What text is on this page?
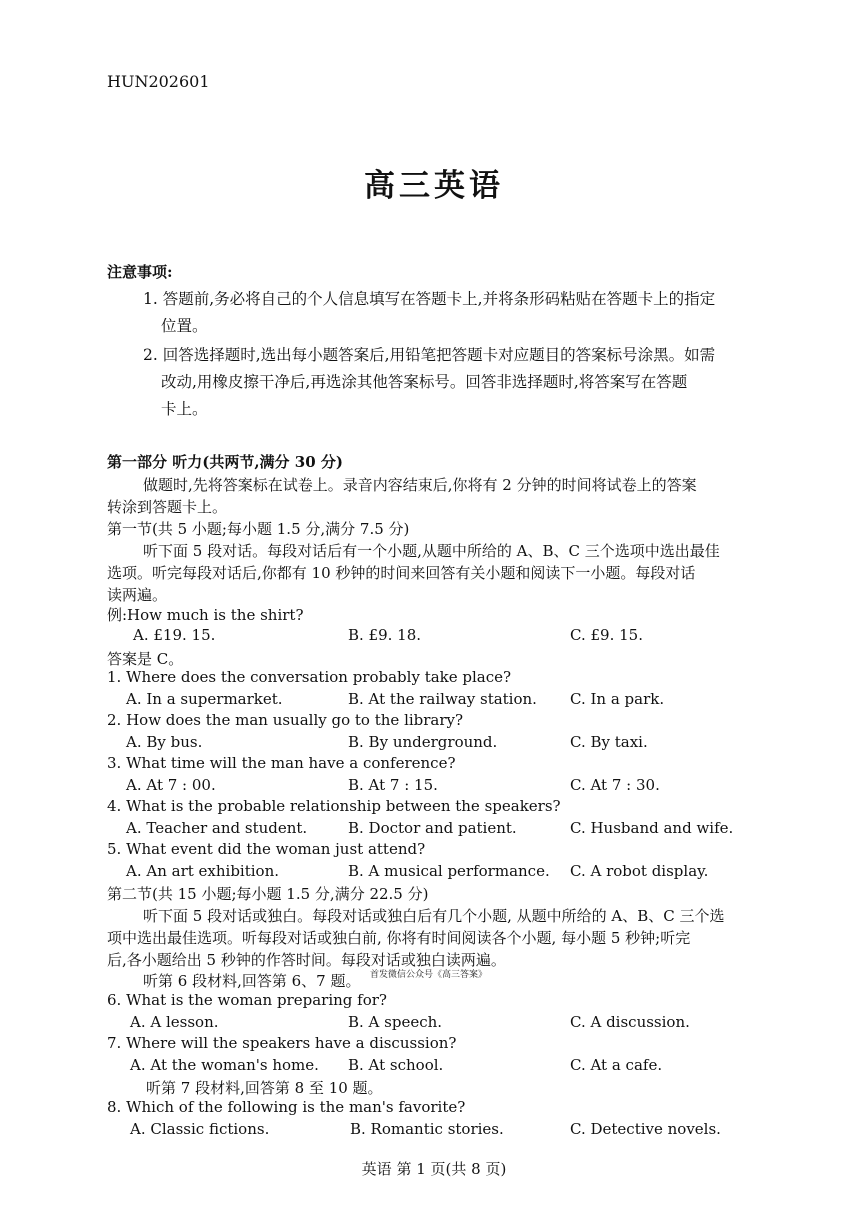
HUN202601
高三英语
注意事项:
1. 答题前,务必将自己的个人信息填写在答题卡上,并将条形码粘贴在答题卡上的指定
位置。
2. 回答选择题时,选出每小题答案后,用铅笔把答题卡对应题目的答案标号涂黑。如需
改动,用橡皮擦干净后,再选涂其他答案标号。回答非选择题时,将答案写在答题
卡上。
第一部分 听力(共两节,满分 30 分)
做题时,先将答案标在试卷上。录音内容结束后,你将有 2 分钟的时间将试卷上的答案
转涂到答题卡上。
第一节(共 5 小题;每小题 1.5 分,满分 7.5 分)
听下面 5 段对话。每段对话后有一个小题,从题中所给的 A、B、C 三个选项中选出最佳
选项。听完每段对话后,你都有 10 秒钟的时间来回答有关小题和阅读下一小题。每段对话
读两遍。
例:How much is the shirt?
A. £19. 15.	B. £9. 18.	C. £9. 15.
答案是 C。
1. Where does the conversation probably take place?
A. In a supermarket.	B. At the railway station. C. In a park.
2. How does the man usually go to the library?
A. By bus.	B. By underground.	C. By taxi.
3. What time will the man have a conference?
A. At 7 : 00.	B. At 7 : 15.	C. At 7 : 30.
4. What is the probable relationship between the speakers?
A. Teacher and student.	B. Doctor and patient.	C. Husband and wife.
5. What event did the woman just attend?
A. An art exhibition.	B. A musical performance. C. A robot display.
第二节(共 15 小题;每小题 1.5 分,满分 22.5 分)
听下面 5 段对话或独白。每段对话或独白后有几个小题, 从题中所给的 A、B、C 三个选
项中选出最佳选项。听每段对话或独白前, 你将有时间阅读各个小题, 每小题 5 秒钟;听完
后,各小题给出 5 秒钟的作答时间。每段对话或独白读两遍。
听第 6 段材料,回答第 6、7 题。 首发微信公众号《高三答案》
6. What is the woman preparing for?
A. A lesson.	B. A speech.	C. A discussion.
7. Where will the speakers have a discussion?
A. At the woman's home. B. At school.	C. At a cafe.
听第 7 段材料,回答第 8 至 10 题。
8. Which of the following is the man's favorite?
A. Classic fictions.	B. Romantic stories.	C. Detective novels.
英语 第 1 页(共 8 页)
